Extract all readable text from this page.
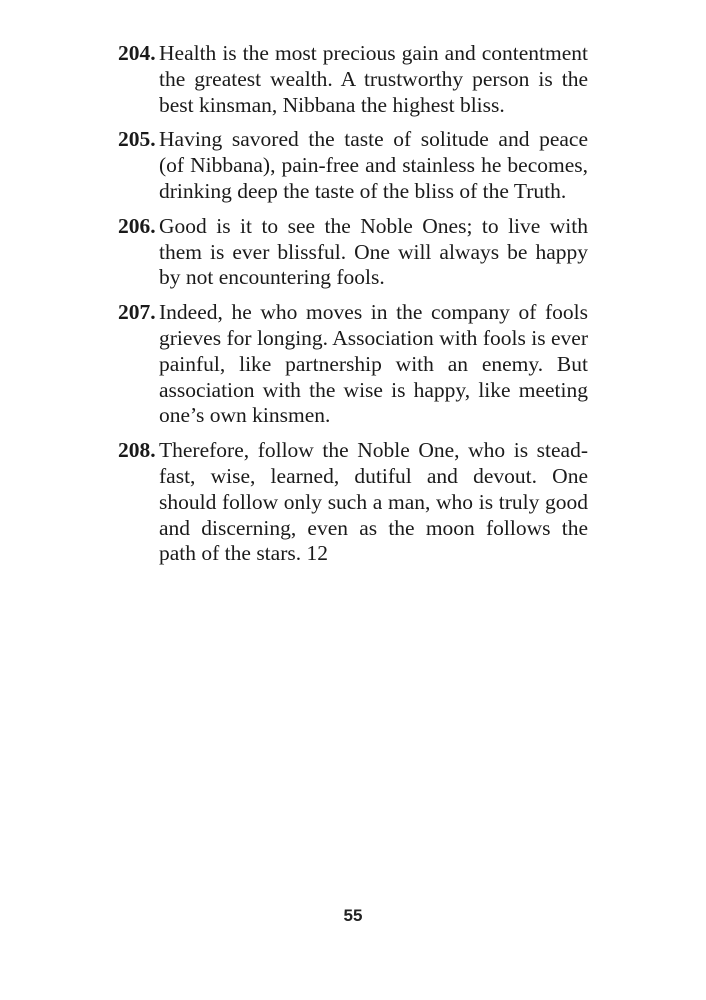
204. Health is the most precious gain and contentment the greatest wealth. A trustworthy person is the best kinsman, Nibbana the highest bliss.
205. Having savored the taste of solitude and peace (of Nibbana), pain-free and stainless he becomes, drinking deep the taste of the bliss of the Truth.
206. Good is it to see the Noble Ones; to live with them is ever blissful. One will always be happy by not encountering fools.
207. Indeed, he who moves in the company of fools grieves for longing. Association with fools is ever painful, like partnership with an enemy. But association with the wise is happy, like meeting one’s own kinsmen.
208. Therefore, follow the Noble One, who is stead-fast, wise, learned, dutiful and devout. One should follow only such a man, who is truly good and discerning, even as the moon follows the path of the stars. 12
55
